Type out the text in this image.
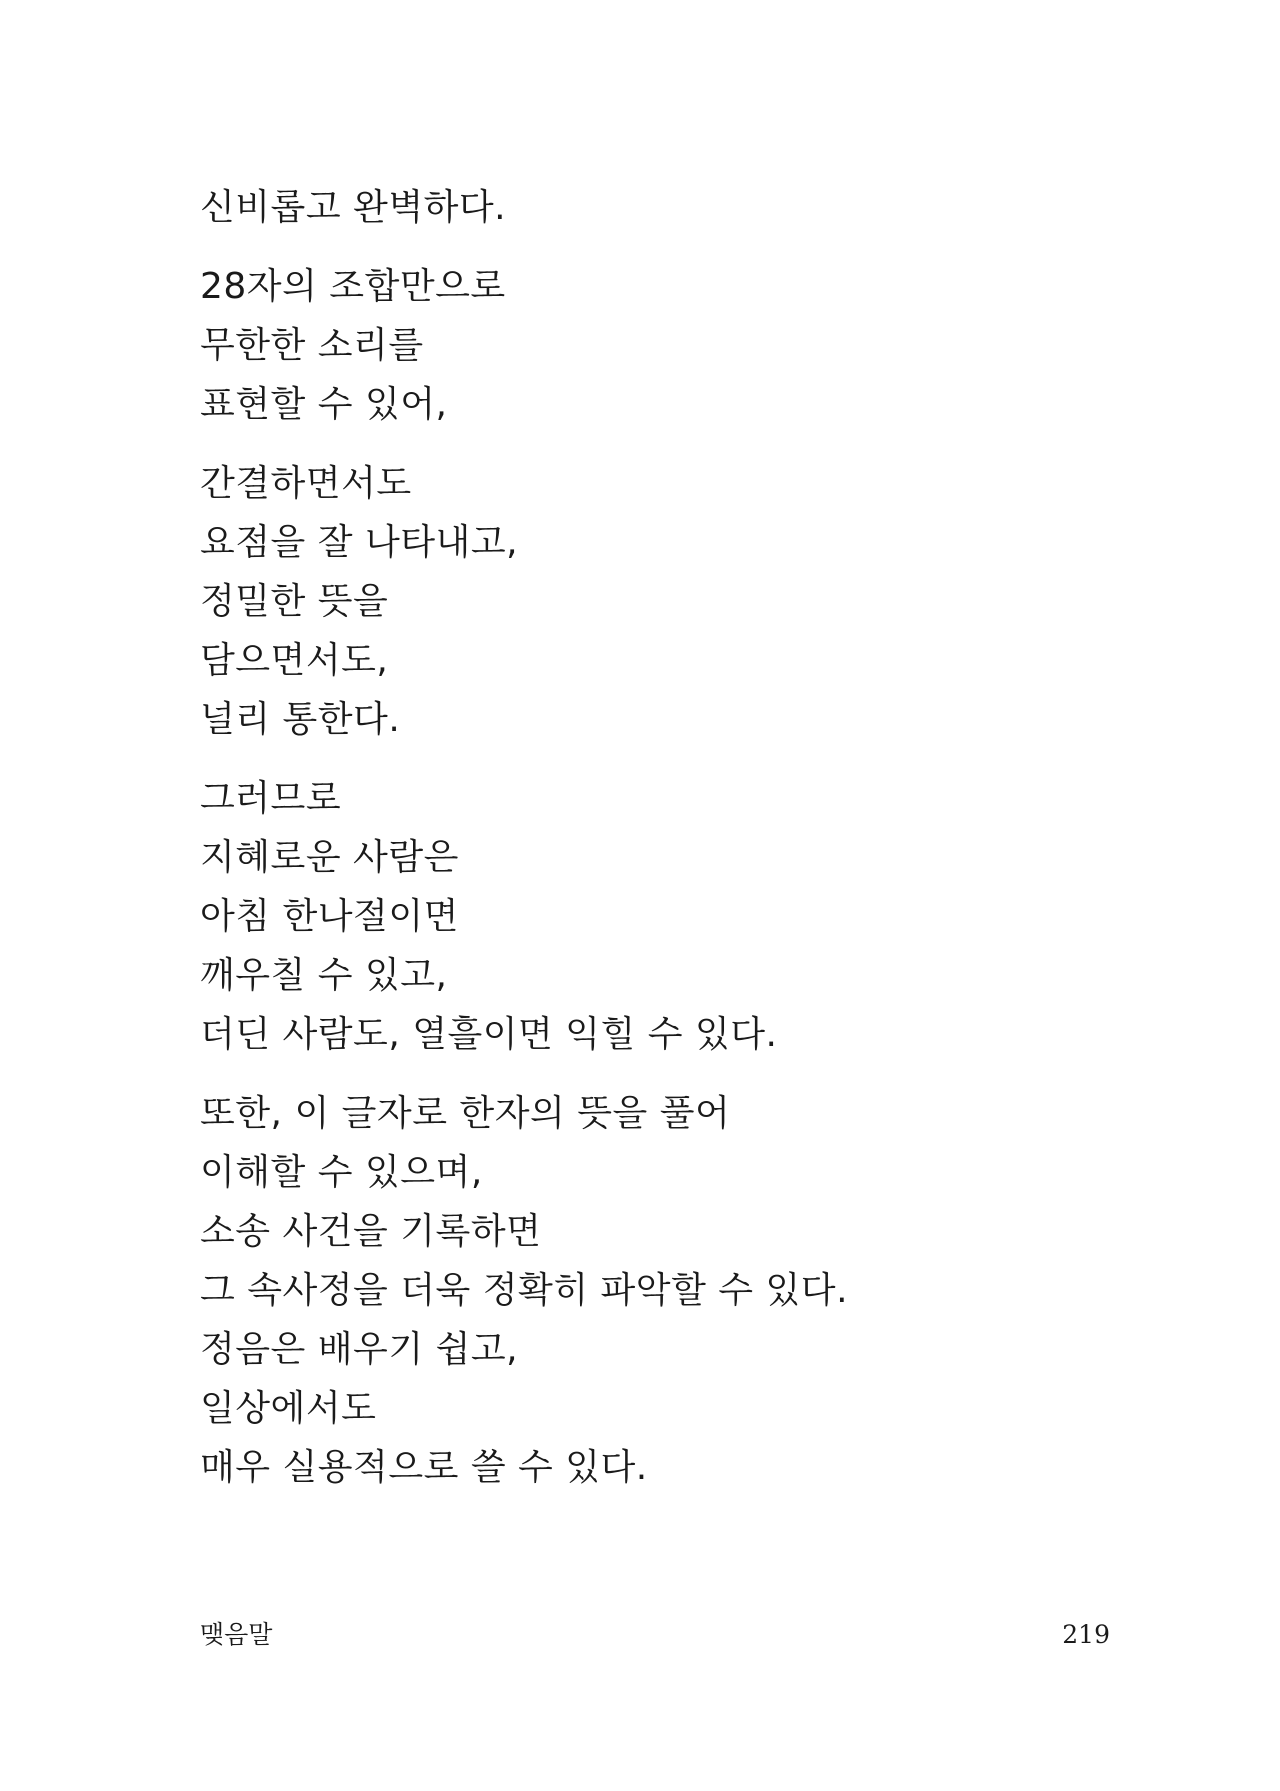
신비롭고 완벽하다.
28자의 조합만으로
무한한 소리를
표현할 수 있어,
간결하면서도
요점을 잘 나타내고,
정밀한 뜻을
담으면서도,
널리 통한다.
그러므로
지혜로운 사람은
아침 한나절이면
깨우칠 수 있고,
더딘 사람도, 열흘이면 익힐 수 있다.
또한, 이 글자로 한자의 뜻을 풀어
이해할 수 있으며,
소송 사건을 기록하면
그 속사정을 더욱 정확히 파악할 수 있다.
정음은 배우기 쉽고,
일상에서도
매우 실용적으로 쓸 수 있다.
맺음말	219
